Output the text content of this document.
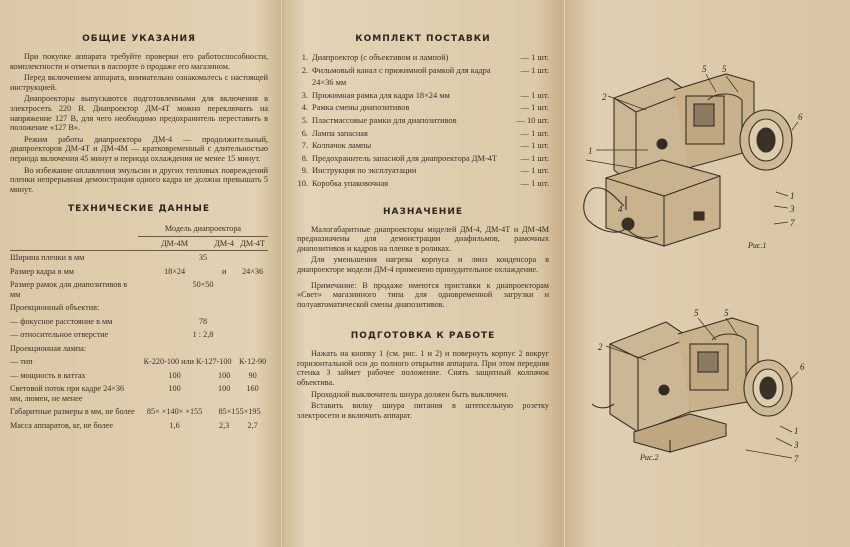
ОБЩИЕ УКАЗАНИЯ

При покупке аппарата требуйте проверки его работоспособности, комплектности и отметки в паспорте о продаже его магазином.

Перед включением аппарата, внимательно ознакомьтесь с настоящей инструкцией.

Диапроекторы выпускаются подготовленными для включения в электросеть 220 В. Диапроектор ДМ-4Т можно переключить на напряжение 127 В, для чего необходимо предохранитель переставить в положение «127 В».

Режим работы диапроектора ДМ-4 — продолжительный, диапроекторов ДМ-4Т и ДМ-4М — кратковременный с длительностью периода включения 45 минут и периода охлаждения не менее 15 минут.

Во избежание оплавления эмульсии и других тепловых повреждений пленки непрерывная демонстрация одного кадра не должна превышать 5 минут.

ТЕХНИЧЕСКИЕ ДАННЫЕ
	Модель диапроектора		
	ДМ-4М	ДМ-4	ДМ-4Т
Ширина пленки в мм	35		
Размер кадра в мм	18×24	и	24×36
Размер рамок для диапозитивов в мм	50×50		
Проекционный объектив:			
— фокусное расстояние в мм	78		
— относительное отверстие	1 : 2,8		
Проекционная лампа:			
— тип	К-220-100 или К-127-100		К-12-90
— мощность в ваттах	100	100	90
Световой поток при кадре 24×36 мм, люмен, не менее	100	100	160
Габаритные размеры в мм, не более	85× ×140× ×155	85×155×195	
Масса аппаратов, кг, не более	1,6	2,3	2,7
КОМПЛЕКТ ПОСТАВКИ
1. Диапроектор (с объективом и лампой)	— 1 шт.
2. Фильмовый канал с прижимной рамкой для кадра 24×36 мм
— 1 шт.
3. Прижимная рамка для кадра 18×24 мм	— 1 шт.
4. Рамка смены диапозитивов	— 1 шт.
5. Пластмассовые рамки для диапозитивов	— 10 шт.
6. Лампа запасная	— 1 шт.
7. Колпачок лампы	— 1 шт.
8. Предохранитель запасной для диапроектора ДМ-4Т	— 1 шт.
9. Инструкция по эксплуатации	— 1 шт.
10. Коробка упаковочная	— 1 шт.
НАЗНАЧЕНИЕ

Малогабаритные диапроекторы моделей ДМ-4, ДМ-4Т и ДМ-4М предназначены для демонстрации диафильмов, рамочных диапозитивов и кадров на пленке в роликах.

Для уменьшения нагрева корпуса и линз конденсора в диапроекторе модели ДМ-4 применено принудительное охлаждение.

Примечание: В продаже имеются приставки к диапроекторам «Свет» магазинного типа для одновременной загрузки и полуавтоматической смены диапозитивов.

ПОДГОТОВКА К РАБОТЕ

Нажать на кнопку 1 (см. рис. 1 и 2) и повернуть корпус 2 вокруг горизонтальной оси до полного открытия аппарата. При этом передняя стенка 3 займет рабочее положение. Снять защитный колпачок объектива.

Проходной выключатель шнура должен быть выключен.

Вставить вилку шнура питания в штепсельную розетку электросети и включить аппарат.

2
1
5 5
6
1
3
7
4
Рис.1
2
5	5
6
1
3
7
Рис.2
